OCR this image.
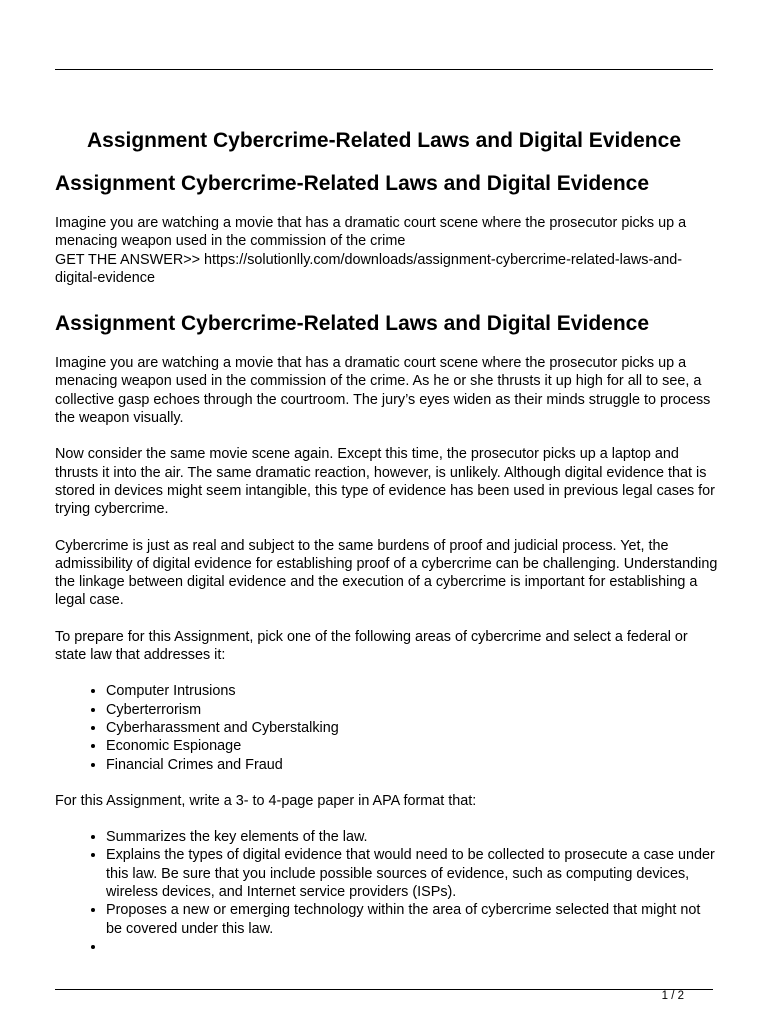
Assignment Cybercrime-Related Laws and Digital Evidence
Assignment Cybercrime-Related Laws and Digital Evidence

Imagine you are watching a movie that has a dramatic court scene where the prosecutor picks up a menacing weapon used in the commission of the crime

GET THE ANSWER>> https://solutionlly.com/downloads/assignment-cybercrime-related-laws-and-digital-evidence

Assignment Cybercrime-Related Laws and Digital Evidence

Imagine you are watching a movie that has a dramatic court scene where the prosecutor picks up a menacing weapon used in the commission of the crime. As he or she thrusts it up high for all to see, a collective gasp echoes through the courtroom. The jury’s eyes widen as their minds struggle to process the weapon visually.

Now consider the same movie scene again. Except this time, the prosecutor picks up a laptop and thrusts it into the air. The same dramatic reaction, however, is unlikely. Although digital evidence that is stored in devices might seem intangible, this type of evidence has been used in previous legal cases for trying cybercrime.

Cybercrime is just as real and subject to the same burdens of proof and judicial process. Yet, the admissibility of digital evidence for establishing proof of a cybercrime can be challenging. Understanding the linkage between digital evidence and the execution of a cybercrime is important for establishing a legal case.

To prepare for this Assignment, pick one of the following areas of cybercrime and select a federal or state law that addresses it:

• Computer Intrusions
• Cyberterrorism
• Cyberharassment and Cyberstalking
• Economic Espionage
• Financial Crimes and Fraud

For this Assignment, write a 3- to 4-page paper in APA format that:

• Summarizes the key elements of the law.
• Explains the types of digital evidence that would need to be collected to prosecute a case under this law. Be sure that you include possible sources of evidence, such as computing devices, wireless devices, and Internet service providers (ISPs).
• Proposes a new or emerging technology within the area of cybercrime selected that might not be covered under this law.
•
1 / 2
